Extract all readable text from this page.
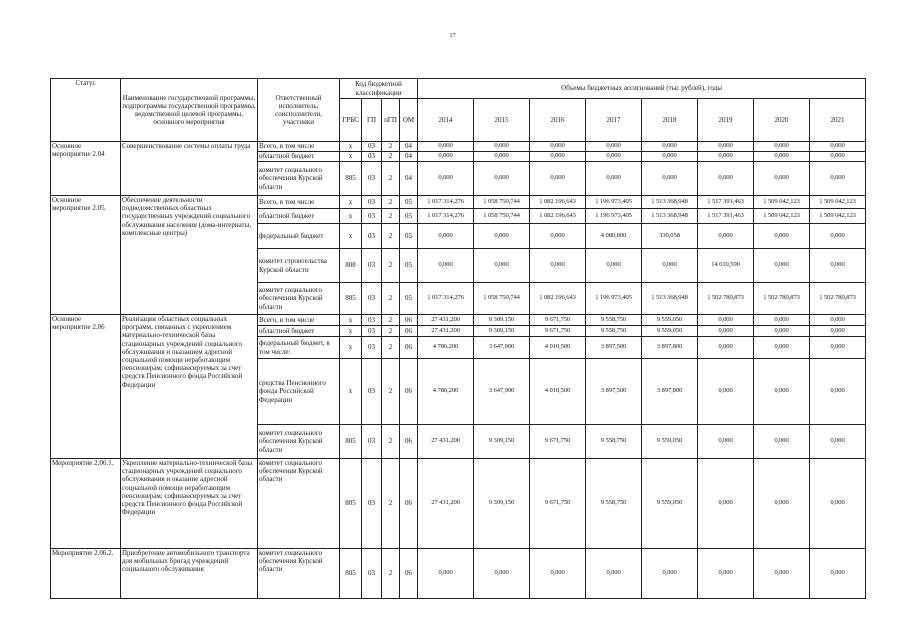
17
Статус	Наименование государственной программы, подпрограммы государственной программы, ведомственной целевой программы, основного мероприятия	Ответственный исполнитель, соисполнители, участники	Код бюджетной классификации				Объемы бюджетных ассигнований (тыс рублей), годы							
			ГРБС	ГП	пГП	ОМ	2014	2015	2016	2017	2018	2019	2020	2021
Основное мероприятие 2.04	Совершенствование системы оплаты труда	Всего, в том числе	x	03	2	04	0,000	0,000	0,000	0,000	0,000	0,000	0,000	0,000
		областной бюджет	x	03	2	04	0,000	0,000	0,000	0,000	0,000	0,000	0,000	0,000
		комитет социального обеспечения Курской области	805	03	2	04	0,000	0,000	0,000	0,000	0,000	0,000	0,000	0,000
Основное мероприятие 2.05.	Обеспечение деятельности подведомственных областных государственных учреждений социального обслуживания населения (дома-интернаты, комплексные центры)	Всего, в том числе	x	03	2	05	1 017 314,276	1 058 750,744	1 082 196,643	1 196 973,405	1 513 368,948	1 517 391,463	1 509 042,123	1 509 042,123
		областной бюджет	x	03	2	05	1 017 314,276	1 058 750,744	1 082 196,643	1 196 973,405	1 513 368,948	1 517 391,463	1 509 042,123	1 509 042,123
		федеральный бюджет	x	03	2	05	0,000	0,000	0,000	4 080,800	330,058	0,000	0,000	0,000
		комитет строительства Курской области	808	03	2	05	0,000	0,000	0,000	0,000	0,000	14 610,590	0,000	0,000
		комитет социального обеспечения Курской области	805	03	2	05	1 017 314,276	1 058 750,744	1 082 196,643	1 196 973,405	1 513 368,948	1 502 780,873	1 502 780,873	1 502 780,873
Основное мероприятие 2.06	Реализация областных социальных программ, связанных с укреплением материально-технической базы стационарных учреждений социального обслуживания и оказанием адресной социальной помощи неработающим пенсионерам, софинансируемых за счет средств Пенсионного фонда Российской Федерации	Всего, в том числе	x	03	2	06	27 431,200	9 309,150	9 671,750	9 558,750	9 559,050	0,000	0,000	0,000
		областной бюджет	x	03	2	06	27 431,200	9 309,150	9 671,750	9 558,750	9 559,050	0,000	0,000	0,000
		федеральный бюджет, в том числе:	x	03	2	06	4 786,200	3 647,900	4 010,500	3 897,500	3 897,800	0,000	0,000	0,000
		средства Пенсионного фонда Российской Федерации	x	03	2	06	4 786,200	3 647,900	4 010,500	3 897,500	3 897,800	0,000	0,000	0,000
		комитет социального обеспечения Курской области	805	03	2	06	27 431,200	9 309,150	9 671,750	9 558,750	9 559,050	0,000	0,000	0,000
Мероприятие 2.06.1.	Укрепление материально-технической базы стационарных учреждений социального обслуживания и оказание адресной социальной помощи неработающим пенсионерам, софинансируемых за счет средств Пенсионного фонда Российской Федерации	комитет социального обеспечения Курской области	805	03	2	06	27 431,200	9 309,150	9 671,750	9 558,750	9 559,050	0,000	0,000	0,000
Мероприятие 2.06.2.	Приобретение автомобильного транспорта для мобильных бригад учреждений социального обслуживания	комитет социального обеспечения Курской области	805	03	2	06	0,000	0,000	0,000	0,000	0,000	0,000	0,000	0,000
